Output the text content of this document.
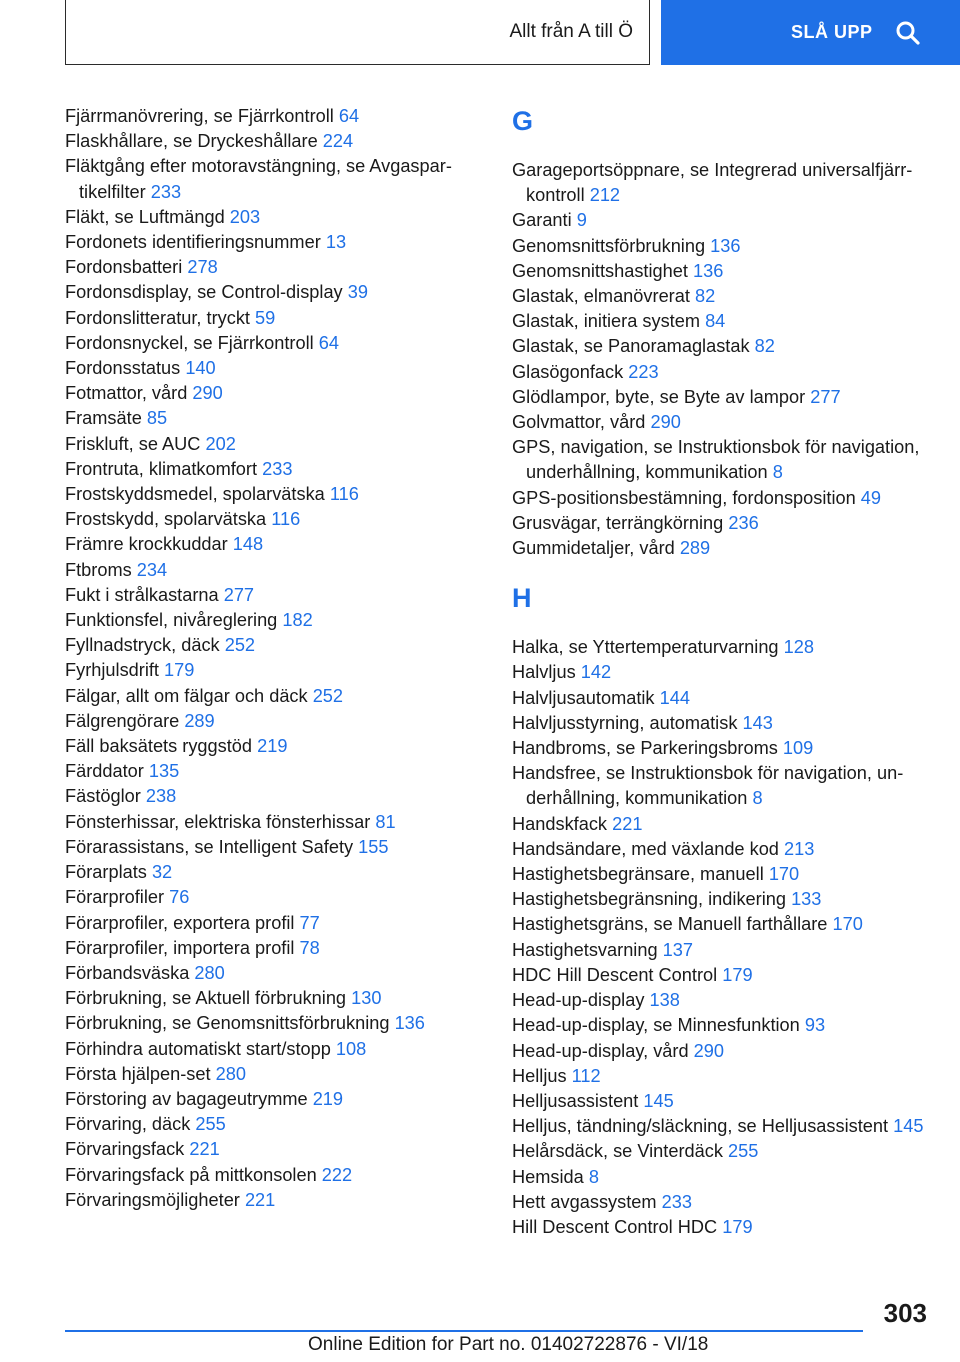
Allt från A till Ö	SLÅ UPP
Fjärrmanövrering, se Fjärrkontroll 64
Flaskhållare, se Dryckeshållare 224
Fläktgång efter motoravstängning, se Avgaspartikelfilter 233
Fläkt, se Luftmängd 203
Fordonets identifieringsnummer 13
Fordonsbatteri 278
Fordonsdisplay, se Control-display 39
Fordonslitteratur, tryckt 59
Fordonsnyckel, se Fjärrkontroll 64
Fordonsstatus 140
Fotmattor, vård 290
Framsäte 85
Friskluft, se AUC 202
Frontruta, klimatkomfort 233
Frostskyddsmedel, spolarvätska 116
Frostskydd, spolarvätska 116
Främre krockkuddar 148
Ftbroms 234
Fukt i strålkastarna 277
Funktionsfel, nivåreglering 182
Fyllnadstryck, däck 252
Fyrhjulsdrift 179
Fälgar, allt om fälgar och däck 252
Fälgrengörare 289
Fäll baksätets ryggstöd 219
Färddator 135
Fästöglor 238
Fönsterhissar, elektriska fönsterhissar 81
Förarassistans, se Intelligent Safety 155
Förarplats 32
Förarprofiler 76
Förarprofiler, exportera profil 77
Förarprofiler, importera profil 78
Förbandsväska 280
Förbrukning, se Aktuell förbrukning 130
Förbrukning, se Genomsnittsförbrukning 136
Förhindra automatiskt start/stopp 108
Första hjälpen-set 280
Förstoring av bagageutrymme 219
Förvaring, däck 255
Förvaringsfack 221
Förvaringsfack på mittkonsolen 222
Förvaringsmöjligheter 221
G
Garageportsöppnare, se Integrerad universalfjärrkontroll 212
Garanti 9
Genomsnittsförbrukning 136
Genomsnittshastighet 136
Glastak, elmanövrerat 82
Glastak, initiera system 84
Glastak, se Panoramaglastak 82
Glasögonfack 223
Glödlampor, byte, se Byte av lampor 277
Golvmattor, vård 290
GPS, navigation, se Instruktionsbok för navigation, underhållning, kommunikation 8
GPS-positionsbestämning, fordonsposition 49
Grusvägar, terrängkörning 236
Gummidetaljer, vård 289
H
Halka, se Yttertemperaturvarning 128
Halvljus 142
Halvljusautomatik 144
Halvljusstyrning, automatisk 143
Handbroms, se Parkeringsbroms 109
Handsfree, se Instruktionsbok för navigation, underhållning, kommunikation 8
Handskfack 221
Handsändare, med växlande kod 213
Hastighetsbegränsare, manuell 170
Hastighetsbegränsning, indikering 133
Hastighetsgräns, se Manuell farthållare 170
Hastighetsvarning 137
HDC Hill Descent Control 179
Head-up-display 138
Head-up-display, se Minnesfunktion 93
Head-up-display, vård 290
Helljus 112
Helljusassistent 145
Helljus, tändning/släckning, se Helljusassistent 145
Helårsdäck, se Vinterdäck 255
Hemsida 8
Hett avgassystem 233
Hill Descent Control HDC 179
303
Online Edition for Part no. 01402722876 - VI/18
